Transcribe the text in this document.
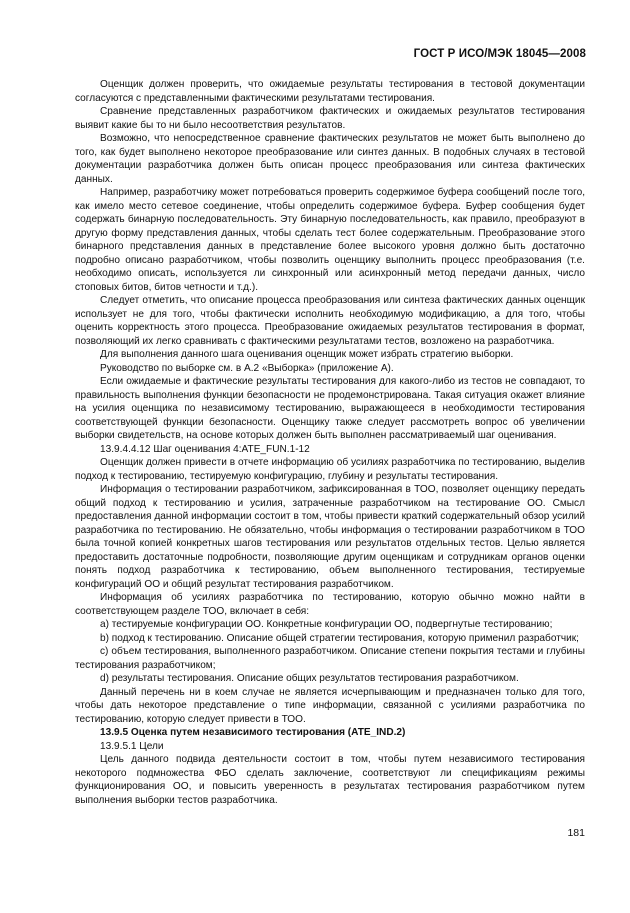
ГОСТ Р ИСО/МЭК 18045—2008

Оценщик должен проверить, что ожидаемые результаты тестирования в тестовой документации согласуются с представленными фактическими результатами тестирования.

Сравнение представленных разработчиком фактических и ожидаемых результатов тестирования выявит какие бы то ни было несоответствия результатов.

Возможно, что непосредственное сравнение фактических результатов не может быть выполнено до того, как будет выполнено некоторое преобразование или синтез данных. В подобных случаях в тестовой документации разработчика должен быть описан процесс преобразования или синтеза фактических данных.

Например, разработчику может потребоваться проверить содержимое буфера сообщений после того, как имело место сетевое соединение, чтобы определить содержимое буфера. Буфер сообщения будет содержать бинарную последовательность. Эту бинарную последовательность, как правило, преобразуют в другую форму представления данных, чтобы сделать тест более содержательным. Преобразование этого бинарного представления данных в представление более высокого уровня должно быть достаточно подробно описано разработчиком, чтобы позволить оценщику выполнить процесс преобразования (т.е. необходимо описать, используется ли синхронный или асинхронный метод передачи данных, число стоповых битов, битов четности и т.д.).

Следует отметить, что описание процесса преобразования или синтеза фактических данных оценщик использует не для того, чтобы фактически исполнить необходимую модификацию, а для того, чтобы оценить корректность этого процесса. Преобразование ожидаемых результатов тестирования в формат, позволяющий их легко сравнивать с фактическими результатами тестов, возложено на разработчика.

Для выполнения данного шага оценивания оценщик может избрать стратегию выборки.

Руководство по выборке см. в А.2 «Выборка» (приложение А).

Если ожидаемые и фактические результаты тестирования для какого-либо из тестов не совпадают, то правильность выполнения функции безопасности не продемонстрирована. Такая ситуация окажет влияние на усилия оценщика по независимому тестированию, выражающееся в необходимости тестирования соответствующей функции безопасности. Оценщику также следует рассмотреть вопрос об увеличении выборки свидетельств, на основе которых должен быть выполнен рассматриваемый шаг оценивания.

13.9.4.4.12 Шаг оценивания 4:ATE_FUN.1-12

Оценщик должен привести в отчете информацию об усилиях разработчика по тестированию, выделив подход к тестированию, тестируемую конфигурацию, глубину и результаты тестирования.

Информация о тестировании разработчиком, зафиксированная в ТОО, позволяет оценщику передать общий подход к тестированию и усилия, затраченные разработчиком на тестирование ОО. Смысл предоставления данной информации состоит в том, чтобы привести краткий содержательный обзор усилий разработчика по тестированию. Не обязательно, чтобы информация о тестировании разработчиком в ТОО была точной копией конкретных шагов тестирования или результатов отдельных тестов. Целью является предоставить достаточные подробности, позволяющие другим оценщикам и сотрудникам органов оценки понять подход разработчика к тестированию, объем выполненного тестирования, тестируемые конфигураций ОО и общий результат тестирования разработчиком.

Информация об усилиях разработчика по тестированию, которую обычно можно найти в соответствующем разделе ТОО, включает в себя:

а) тестируемые конфигурации ОО. Конкретные конфигурации ОО, подвергнутые тестированию;

b) подход к тестированию. Описание общей стратегии тестирования, которую применил разработчик;

с) объем тестирования, выполненного разработчиком. Описание степени покрытия тестами и глубины тестирования разработчиком;

d) результаты тестирования. Описание общих результатов тестирования разработчиком.

Данный перечень ни в коем случае не является исчерпывающим и предназначен только для того, чтобы дать некоторое представление о типе информации, связанной с усилиями разработчика по тестированию, которую следует привести в ТОО.

13.9.5 Оценка путем независимого тестирования (ATE_IND.2)

13.9.5.1 Цели

Цель данного подвида деятельности состоит в том, чтобы путем независимого тестирования некоторого подмножества ФБО сделать заключение, соответствуют ли спецификациям режимы функционирования ОО, и повысить уверенность в результатах тестирования разработчиком путем выполнения выборки тестов разработчика.

181
